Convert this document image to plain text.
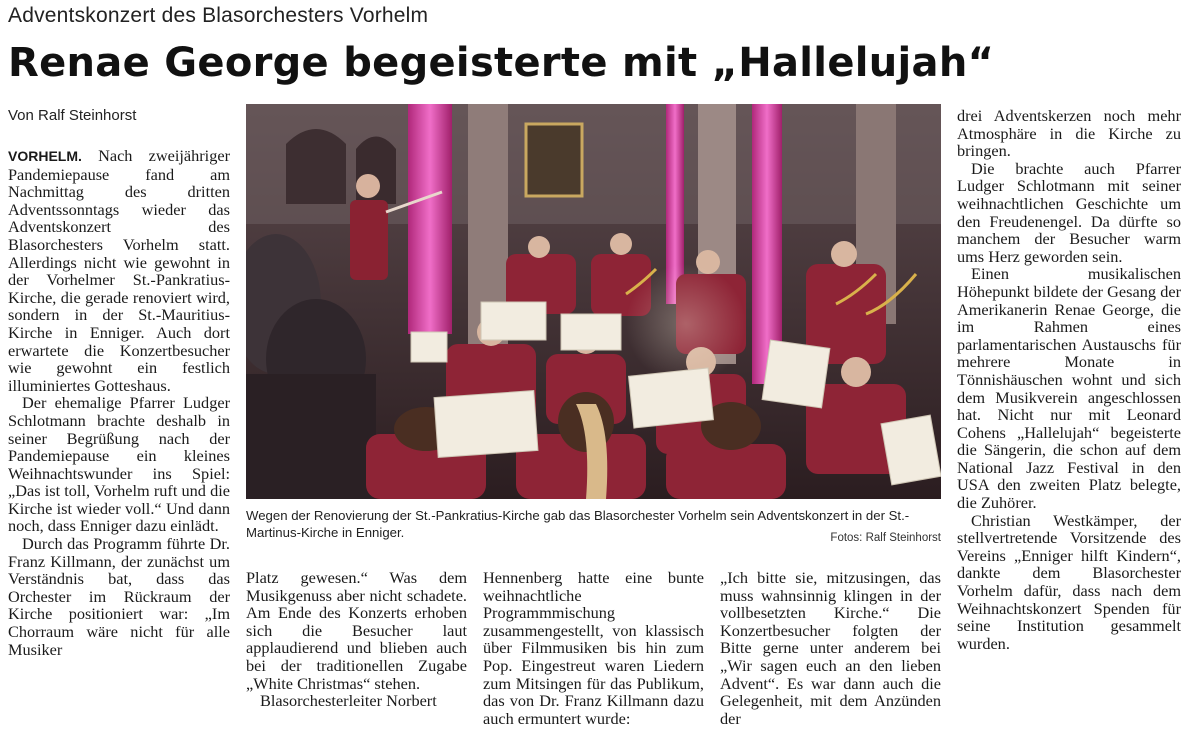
Adventskonzert des Blasorchesters Vorhelm
Renae George begeisterte mit „Hallelujah“
Von Ralf Steinhorst

VORHELM. Nach zweijähriger Pandemiepause fand am Nachmittag des dritten Adventssonntags wieder das Adventskonzert des Blasorchesters Vorhelm statt. Allerdings nicht wie gewohnt in der Vorhelmer St.-Pankratius-Kirche, die gerade renoviert wird, sondern in der St.-Mauritius-Kirche in Enniger. Auch dort erwartete die Konzertbesucher wie gewohnt ein festlich illuminiertes Gotteshaus.

Der ehemalige Pfarrer Ludger Schlotmann brachte deshalb in seiner Begrüßung nach der Pandemiepause ein kleines Weihnachtswunder ins Spiel: „Das ist toll, Vorhelm ruft und die Kirche ist wieder voll.“ Und dann noch, dass Enniger dazu einlädt.

Durch das Programm führte Dr. Franz Killmann, der zunächst um Verständnis bat, dass das Orchester im Rückraum der Kirche positioniert war: „Im Chorraum wäre nicht für alle Musiker

Wegen der Renovierung der St.-Pankratius-Kirche gab das Blasorchester Vorhelm sein Adventskonzert in der St.-Martinus-Kirche in Enniger.	Fotos: Ralf Steinhorst

drei Adventskerzen noch mehr Atmosphäre in die Kirche zu bringen.

Die brachte auch Pfarrer Ludger Schlotmann mit seiner weihnachtlichen Geschichte um den Freudenengel. Da dürfte so manchem der Besucher warm ums Herz geworden sein.

Einen musikalischen Höhepunkt bildete der Gesang der Amerikanerin Renae George, die im Rahmen eines parlamentarischen Austauschs für mehrere Monate in Tönnishäuschen wohnt und sich dem Musikverein angeschlossen hat. Nicht nur mit Leonard Cohens „Hallelujah“ begeisterte die Sängerin, die schon auf dem National Jazz Festival in den USA den zweiten Platz belegte, die Zuhörer.

Christian Westkämper, der stellvertretende Vorsitzende des Vereins „Enniger hilft Kindern“, dankte dem Blasorchester Vorhelm dafür, dass nach dem Weihnachtskonzert Spenden für seine Institution gesammelt wurden.

Platz gewesen.“ Was dem Musikgenuss aber nicht schadete. Am Ende des Konzerts erhoben sich die Besucher laut applaudierend und blieben auch bei der traditionellen Zugabe „White Christmas“ stehen.

Blasorchesterleiter Norbert

Hennenberg hatte eine bunte weihnachtliche Programmmischung zusammengestellt, von klassisch über Filmmusiken bis hin zum Pop. Eingestreut waren Liedern zum Mitsingen für das Publikum, das von Dr. Franz Killmann dazu auch ermuntert wurde:

„Ich bitte sie, mitzusingen, das muss wahnsinnig klingen in der vollbesetzten Kirche.“ Die Konzertbesucher folgten der Bitte gerne unter anderem bei „Wir sagen euch an den lieben Advent“. Es war dann auch die Gelegenheit, mit dem Anzünden der
